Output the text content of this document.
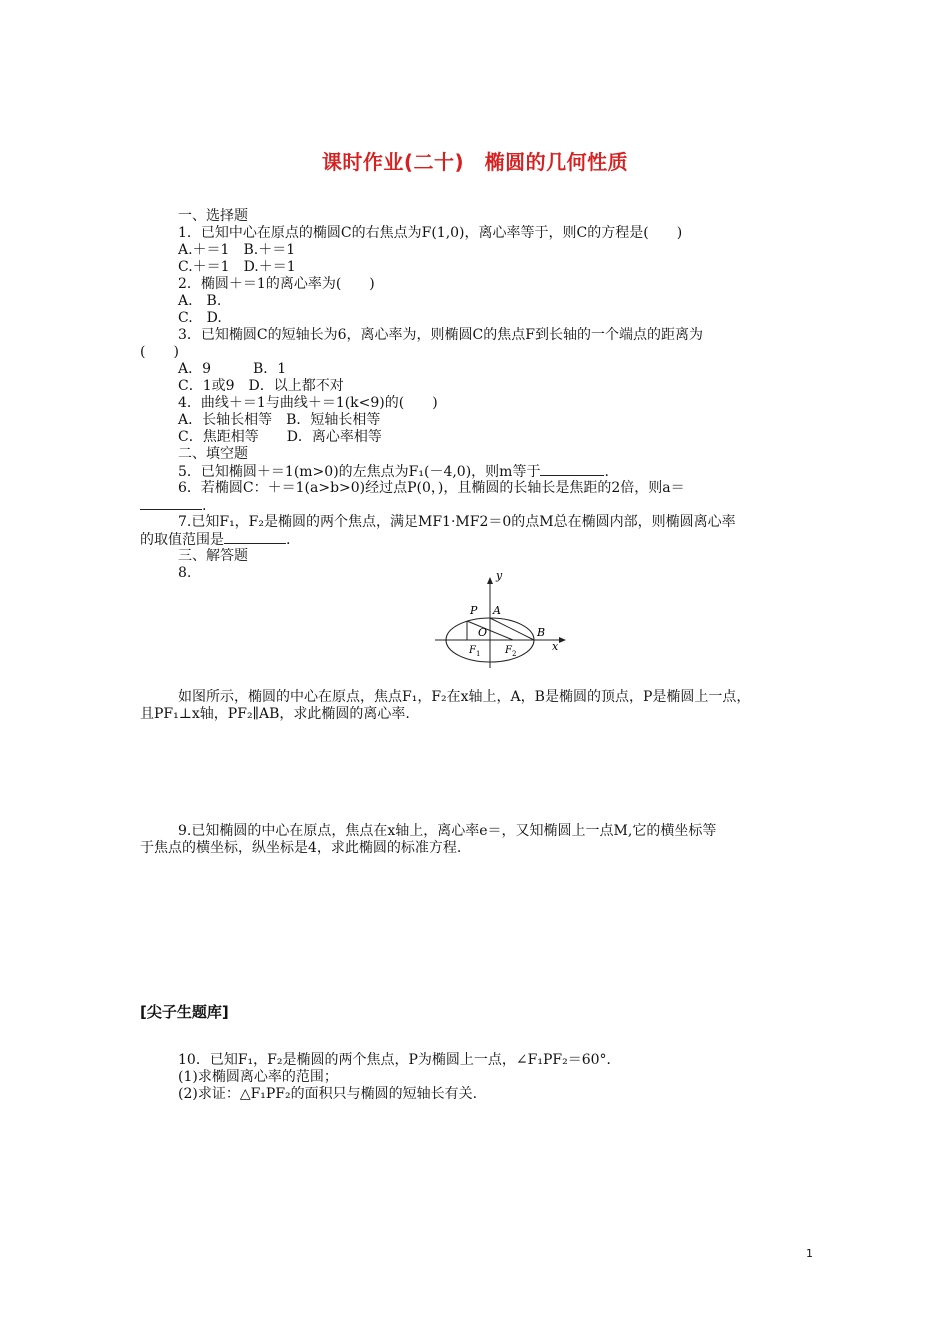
课时作业(二十)　椭圆的几何性质
一、选择题
1．已知中心在原点的椭圆C的右焦点为F(1,0)，离心率等于，则C的方程是(　　)
A.＋＝1　B.＋＝1
C.＋＝1　D.＋＝1
2．椭圆＋＝1的离心率为(　　)
A.　B.
C.　D.
3．已知椭圆C的短轴长为6，离心率为，则椭圆C的焦点F到长轴的一个端点的距离为
(　　)
A．9　　　B．1
C．1或9　D．以上都不对
4．曲线＋＝1与曲线＋＝1(k<9)的(　　)
A．长轴长相等　B．短轴长相等
C．焦距相等　　D．离心率相等
二、填空题
5．已知椭圆＋＝1(m>0)的左焦点为F₁(－4,0)，则m等于	.
6．若椭圆C：＋＝1(a>b>0)经过点P(0，)，且椭圆的长轴长是焦距的2倍，则a＝
.
7.已知F₁，F₂是椭圆的两个焦点，满足MF1·MF2＝0的点M总在椭圆内部，则椭圆离心率
的取值范围是	.
三、解答题
8.
P A
y
O	B
x
F 1 F 2
如图所示，椭圆的中心在原点，焦点F₁，F₂在x轴上，A，B是椭圆的顶点，P是椭圆上一点，
且PF₁⊥x轴，PF₂∥AB，求此椭圆的离心率.
9.已知椭圆的中心在原点，焦点在x轴上，离心率e＝，又知椭圆上一点M,它的横坐标等
于焦点的横坐标，纵坐标是4，求此椭圆的标准方程.
[尖子生题库]
10．已知F₁，F₂是椭圆的两个焦点，P为椭圆上一点，∠F₁PF₂＝60°．
(1)求椭圆离心率的范围；
(2)求证：△F₁PF₂的面积只与椭圆的短轴长有关.
1
